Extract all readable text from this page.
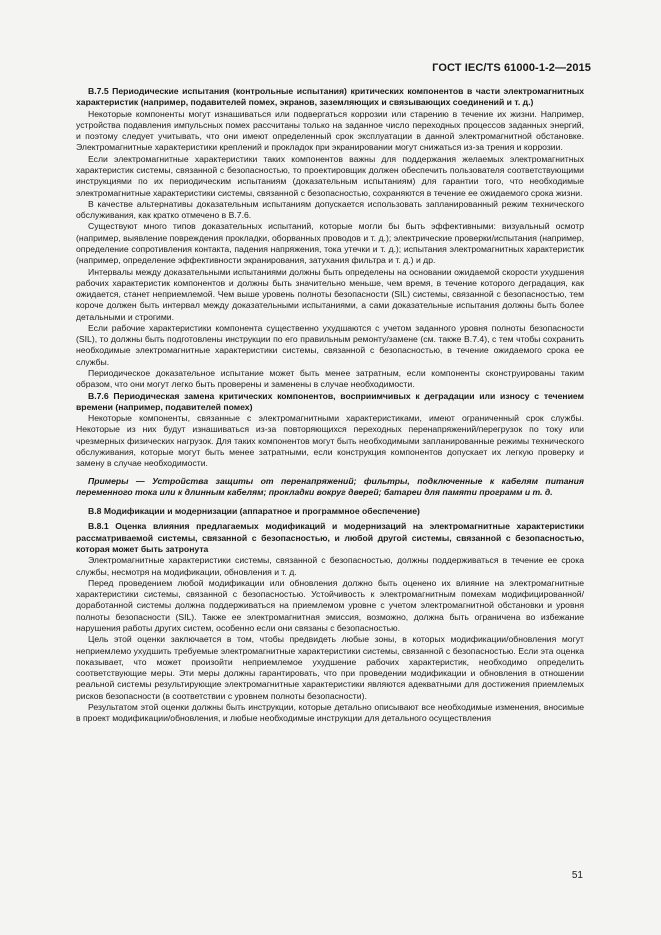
ГОСТ IEC/TS 61000-1-2—2015

B.7.5 Периодические испытания (контрольные испытания) критических компонентов в части электромагнитных характеристик (например, подавителей помех, экранов, заземляющих и связывающих соединений и т. д.)

Некоторые компоненты могут изнашиваться или подвергаться коррозии или старению в течение их жизни. Например, устройства подавления импульсных помех рассчитаны только на заданное число переходных процессов заданных энергий, и поэтому следует учитывать, что они имеют определенный срок эксплуатации в данной электромагнитной обстановке. Электромагнитные характеристики креплений и прокладок при экранировании могут снижаться из-за трения и коррозии.

Если электромагнитные характеристики таких компонентов важны для поддержания желаемых электромагнитных характеристик системы, связанной с безопасностью, то проектировщик должен обеспечить пользователя соответствующими инструкциями по их периодическим испытаниям (доказательным испытаниям) для гарантии того, что необходимые электромагнитные характеристики системы, связанной с безопасностью, сохраняются в течение ее ожидаемого срока жизни.

В качестве альтернативы доказательным испытаниям допускается использовать запланированный режим технического обслуживания, как кратко отмечено в B.7.6.

Существуют много типов доказательных испытаний, которые могли бы быть эффективными: визуальный осмотр (например, выявление повреждения прокладки, оборванных проводов и т. д.); электрические проверки/испытания (например, определение сопротивления контакта, падения напряжения, тока утечки и т. д.); испытания электромагнитных характеристик (например, определение эффективности экранирования, затухания фильтра и т. д.) и др.

Интервалы между доказательными испытаниями должны быть определены на основании ожидаемой скорости ухудшения рабочих характеристик компонентов и должны быть значительно меньше, чем время, в течение которого деградация, как ожидается, станет неприемлемой. Чем выше уровень полноты безопасности (SIL) системы, связанной с безопасностью, тем короче должен быть интервал между доказательными испытаниями, а сами доказательные испытания должны быть более детальными и строгими.

Если рабочие характеристики компонента существенно ухудшаются с учетом заданного уровня полноты безопасности (SIL), то должны быть подготовлены инструкции по его правильным ремонту/замене (см. также B.7.4), с тем чтобы сохранить необходимые электромагнитные характеристики системы, связанной с безопасностью, в течение ожидаемого срока ее службы.

Периодическое доказательное испытание может быть менее затратным, если компоненты сконструированы таким образом, что они могут легко быть проверены и заменены в случае необходимости.

B.7.6 Периодическая замена критических компонентов, восприимчивых к деградации или износу с течением времени (например, подавителей помех)

Некоторые компоненты, связанные с электромагнитными характеристиками, имеют ограниченный срок службы. Некоторые из них будут изнашиваться из-за повторяющихся переходных перенапряжений/перегрузок по току или чрезмерных физических нагрузок. Для таких компонентов могут быть необходимыми запланированные режимы технического обслуживания, которые могут быть менее затратными, если конструкция компонентов допускает их легкую проверку и замену в случае необходимости.

Примеры — Устройства защиты от перенапряжений; фильтры, подключенные к кабелям питания переменного тока или к длинным кабелям; прокладки вокруг дверей; батареи для памяти программ и т. д.

B.8 Модификации и модернизации (аппаратное и программное обеспечение)

B.8.1 Оценка влияния предлагаемых модификаций и модернизаций на электромагнитные характеристики рассматриваемой системы, связанной с безопасностью, и любой другой системы, связанной с безопасностью, которая может быть затронута

Электромагнитные характеристики системы, связанной с безопасностью, должны поддерживаться в течение ее срока службы, несмотря на модификации, обновления и т. д.

Перед проведением любой модификации или обновления должно быть оценено их влияние на электромагнитные характеристики системы, связанной с безопасностью. Устойчивость к электромагнитным помехам модифицированной/доработанной системы должна поддерживаться на приемлемом уровне с учетом электромагнитной обстановки и уровня полноты безопасности (SIL). Также ее электромагнитная эмиссия, возможно, должна быть ограничена во избежание нарушения работы других систем, особенно если они связаны с безопасностью.

Цель этой оценки заключается в том, чтобы предвидеть любые зоны, в которых модификации/обновления могут неприемлемо ухудшить требуемые электромагнитные характеристики системы, связанной с безопасностью. Если эта оценка показывает, что может произойти неприемлемое ухудшение рабочих характеристик, необходимо определить соответствующие меры. Эти меры должны гарантировать, что при проведении модификации и обновления в отношении реальной системы результирующие электромагнитные характеристики являются адекватными для достижения приемлемых рисков безопасности (в соответствии с уровнем полноты безопасности).

Результатом этой оценки должны быть инструкции, которые детально описывают все необходимые изменения, вносимые в проект модификации/обновления, и любые необходимые инструкции для детального осуществления

51
